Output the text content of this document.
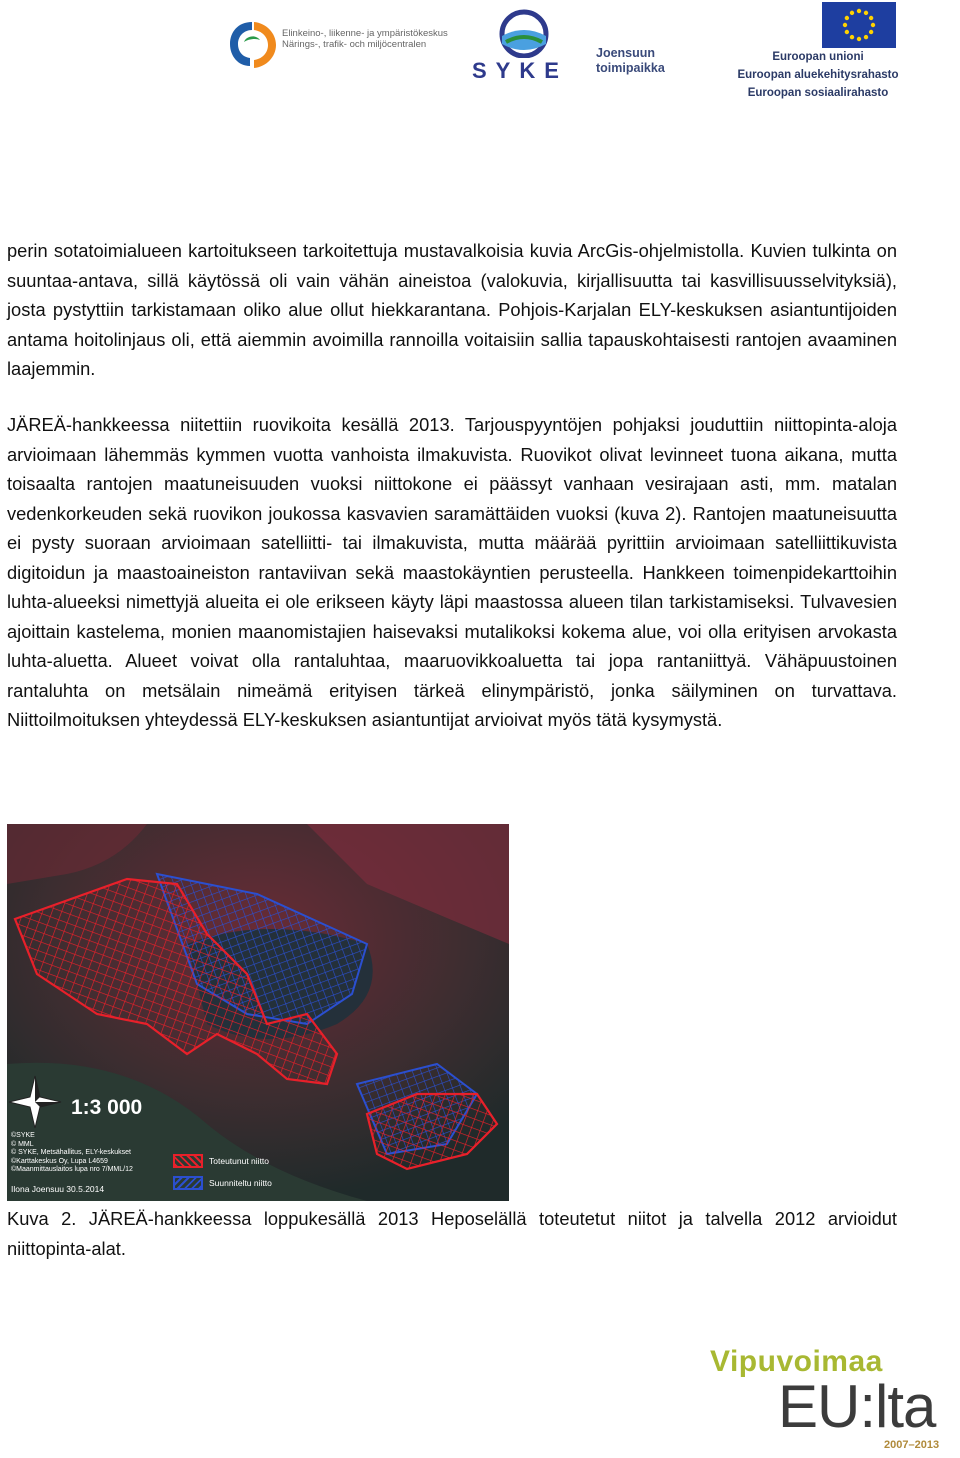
Elinkeino-, liikenne- ja ympäristökeskus
Närings-, trafik- och miljöcentralen
SYKE
Joensuun
toimipaikka
Euroopan unioni
Euroopan aluekehitysrahasto
Euroopan sosiaalirahasto

perin sotatoimialueen kartoitukseen tarkoitettuja mustavalkoisia kuvia ArcGis-ohjelmistolla. Kuvien tulkinta on suuntaa-antava, sillä käytössä oli vain vähän aineistoa (valokuvia, kirjallisuutta tai kasvillisuusselvityksiä), josta pystyttiin tarkistamaan oliko alue ollut hiekkarantana. Pohjois-Karjalan ELY-keskuksen asiantuntijoiden antama hoitolinjaus oli, että aiemmin avoimilla rannoilla voitaisiin sallia tapauskohtaisesti rantojen avaaminen laajemmin.

JÄREÄ-hankkeessa niitettiin ruovikoita kesällä 2013. Tarjouspyyntöjen pohjaksi jouduttiin niittopinta-aloja arvioimaan lähemmäs kymmen vuotta vanhoista ilmakuvista. Ruovikot olivat levinneet tuona aikana, mutta toisaalta rantojen maatuneisuuden vuoksi niittokone ei päässyt vanhaan vesirajaan asti, mm. matalan vedenkorkeuden sekä ruovikon joukossa kasvavien saramättäiden vuoksi (kuva 2). Rantojen maatuneisuutta ei pysty suoraan arvioimaan satelliitti- tai ilmakuvista, mutta määrää pyrittiin arvioimaan satelliittikuvista digitoidun ja maastoaineiston rantaviivan sekä maastokäyntien perusteella. Hankkeen toimenpidekarttoihin luhta-alueeksi nimettyjä alueita ei ole erikseen käyty läpi maastossa alueen tilan tarkistamiseksi. Tulvavesien ajoittain kastelema, monien maanomistajien haisevaksi mutalikoksi kokema alue, voi olla erityisen arvokasta luhta-aluetta. Alueet voivat olla rantaluhtaa, maaruovikkoaluetta tai jopa rantaniittyä. Vähäpuustoinen rantaluhta on metsälain nimeämä erityisen tärkeä elinympäristö, jonka säilyminen on turvattava. Niittoilmoituksen yhteydessä ELY-keskuksen asiantuntijat arvioivat myös tätä kysymystä.

1:3 000
©SYKE
© MML
© SYKE, Metsähallitus, ELY-keskukset
©Karttakeskus Oy, Lupa L4659
©Maanmittauslaitos lupa nro 7/MML/12
Ilona Joensuu 30.5.2014
Toteutunut niitto
Suunniteltu niitto
Kuva 2. JÄREÄ-hankkeessa loppukesällä 2013 Heposelällä toteutetut niitot ja talvella 2012 arvioidut niittopinta-alat.
Vipuvoimaa
EU:lta
2007–2013
